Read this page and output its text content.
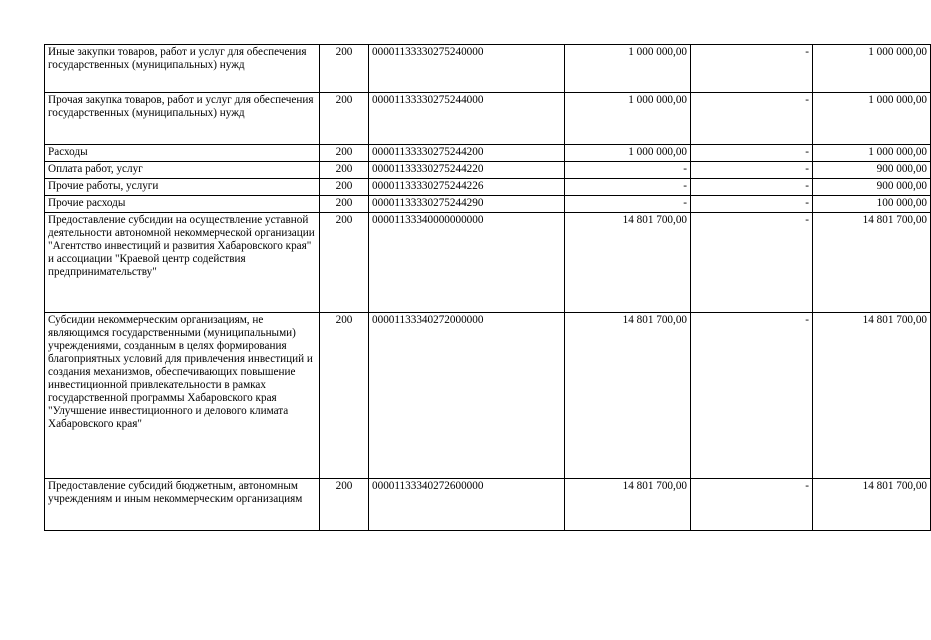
Иные закупки товаров, работ и услуг для обеспечения государственных (муниципальных) нужд	200	00001133330275240000	1 000 000,00	-	1 000 000,00
Прочая закупка товаров, работ и услуг для обеспечения государственных (муниципальных) нужд	200	00001133330275244000	1 000 000,00	-	1 000 000,00
Расходы	200	00001133330275244200	1 000 000,00	-	1 000 000,00
Оплата работ, услуг	200	00001133330275244220	-	-	900 000,00
Прочие работы, услуги	200	00001133330275244226	-	-	900 000,00
Прочие расходы	200	00001133330275244290	-	-	100 000,00
Предоставление субсидии на осуществление уставной деятельности автономной некоммерческой организации "Агентство инвестиций и развития Хабаровского края" и ассоциации "Краевой центр содействия предпринимательству"	200	00001133340000000000	14 801 700,00	-	14 801 700,00
Субсидии некоммерческим организациям, не являющимся государственными (муниципальными) учреждениями, созданным в целях формирования благоприятных условий для привлечения инвестиций и создания механизмов, обеспечивающих повышение инвестиционной привлекательности в рамках государственной программы Хабаровского края "Улучшение инвестиционного и делового климата Хабаровского края"	200	00001133340272000000	14 801 700,00	-	14 801 700,00
Предоставление субсидий бюджетным, автономным учреждениям и иным некоммерческим организациям	200	00001133340272600000	14 801 700,00	-	14 801 700,00
